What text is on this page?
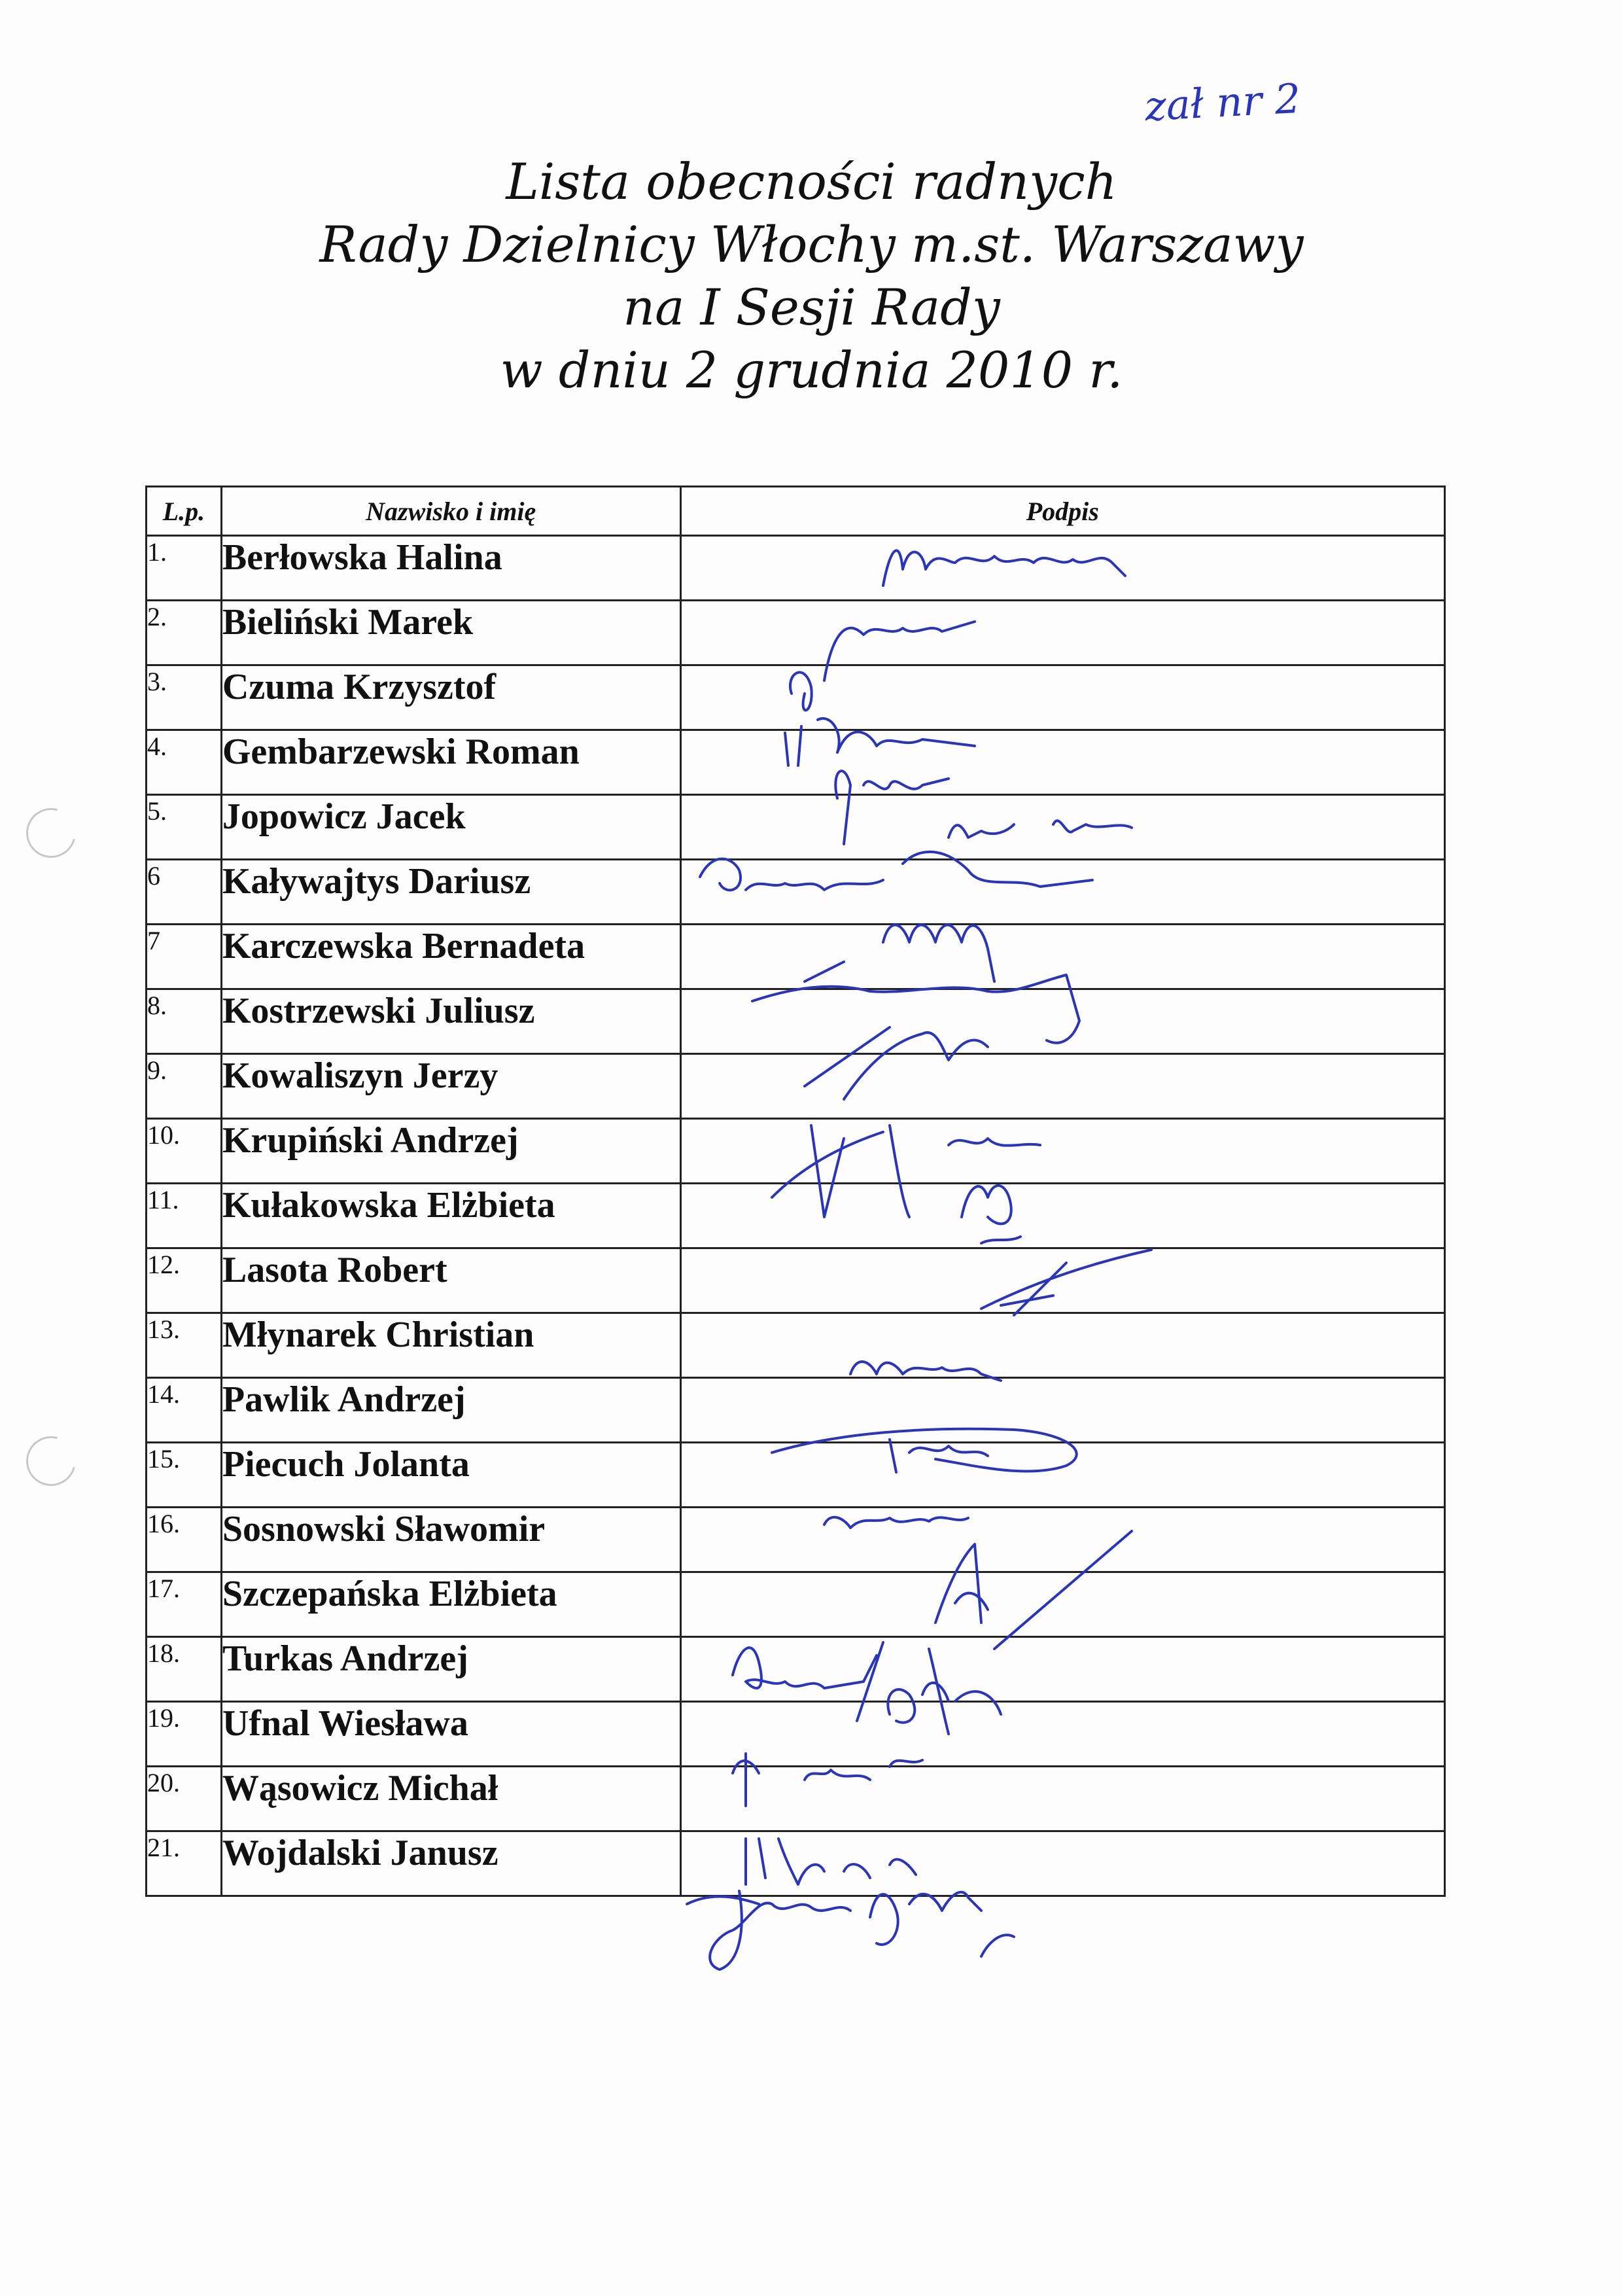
zał nr 2
Lista obecności radnych
Rady Dzielnicy Włochy m.st. Warszawy
na I Sesji Rady
w dniu 2 grudnia 2010 r.
L.p.	Nazwisko i imię	Podpis
1.	Berłowska Halina	
2.	Bieliński Marek	
3.	Czuma Krzysztof	
4.	Gembarzewski Roman	
5.	Jopowicz Jacek	
6	Kaływajtys Dariusz	
7	Karczewska Bernadeta	
8.	Kostrzewski Juliusz	
9.	Kowaliszyn Jerzy	
10.	Krupiński Andrzej	
11.	Kułakowska Elżbieta	
12.	Lasota Robert	
13.	Młynarek Christian	
14.	Pawlik Andrzej	
15.	Piecuch Jolanta	
16.	Sosnowski Sławomir	
17.	Szczepańska Elżbieta	
18.	Turkas Andrzej	
19.	Ufnal Wiesława	
20.	Wąsowicz Michał	
21.	Wojdalski Janusz	
